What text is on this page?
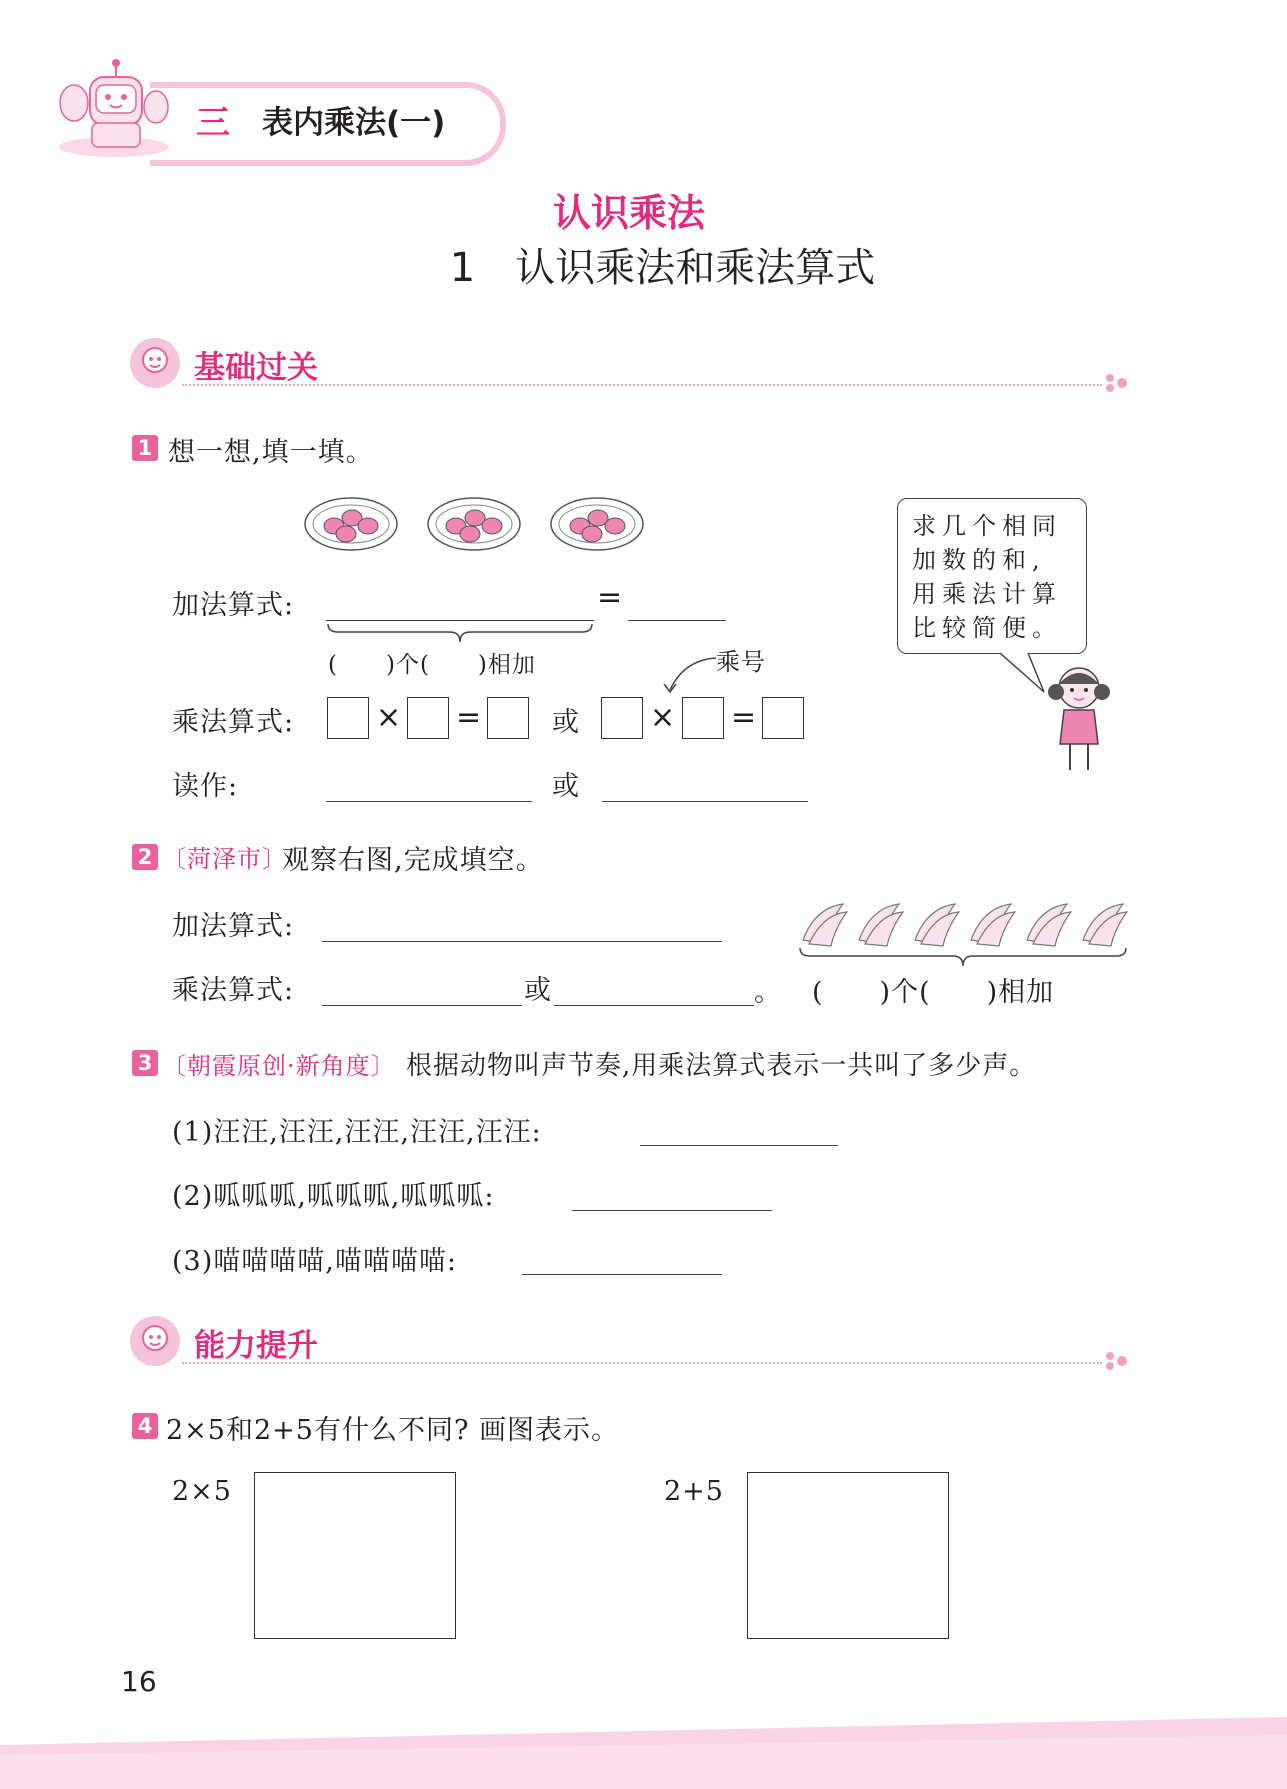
三 表内乘法(一)
认识乘法
1　认识乘法和乘法算式
基础过关
1 想一想,填一填。
加法算式:	=
(　　)个(　　)相加	乘号
乘法算式:	× =	或 × =
读作:	或
求几个相同加数的和,用乘法计算比较简便。
2 〔菏泽市〕
观察右图,完成填空。
加法算式:
乘法算式:	或	。 (　　)个(　　)相加
3 〔朝霞原创·新角度〕 根据动物叫声节奏,用乘法算式表示一共叫了多少声。
(1)汪汪,汪汪,汪汪,汪汪,汪汪:
(2)呱呱呱,呱呱呱,呱呱呱:
(3)喵喵喵喵,喵喵喵喵:
能力提升
4 2×5和2+5有什么不同? 画图表示。
2×5	2+5
16
